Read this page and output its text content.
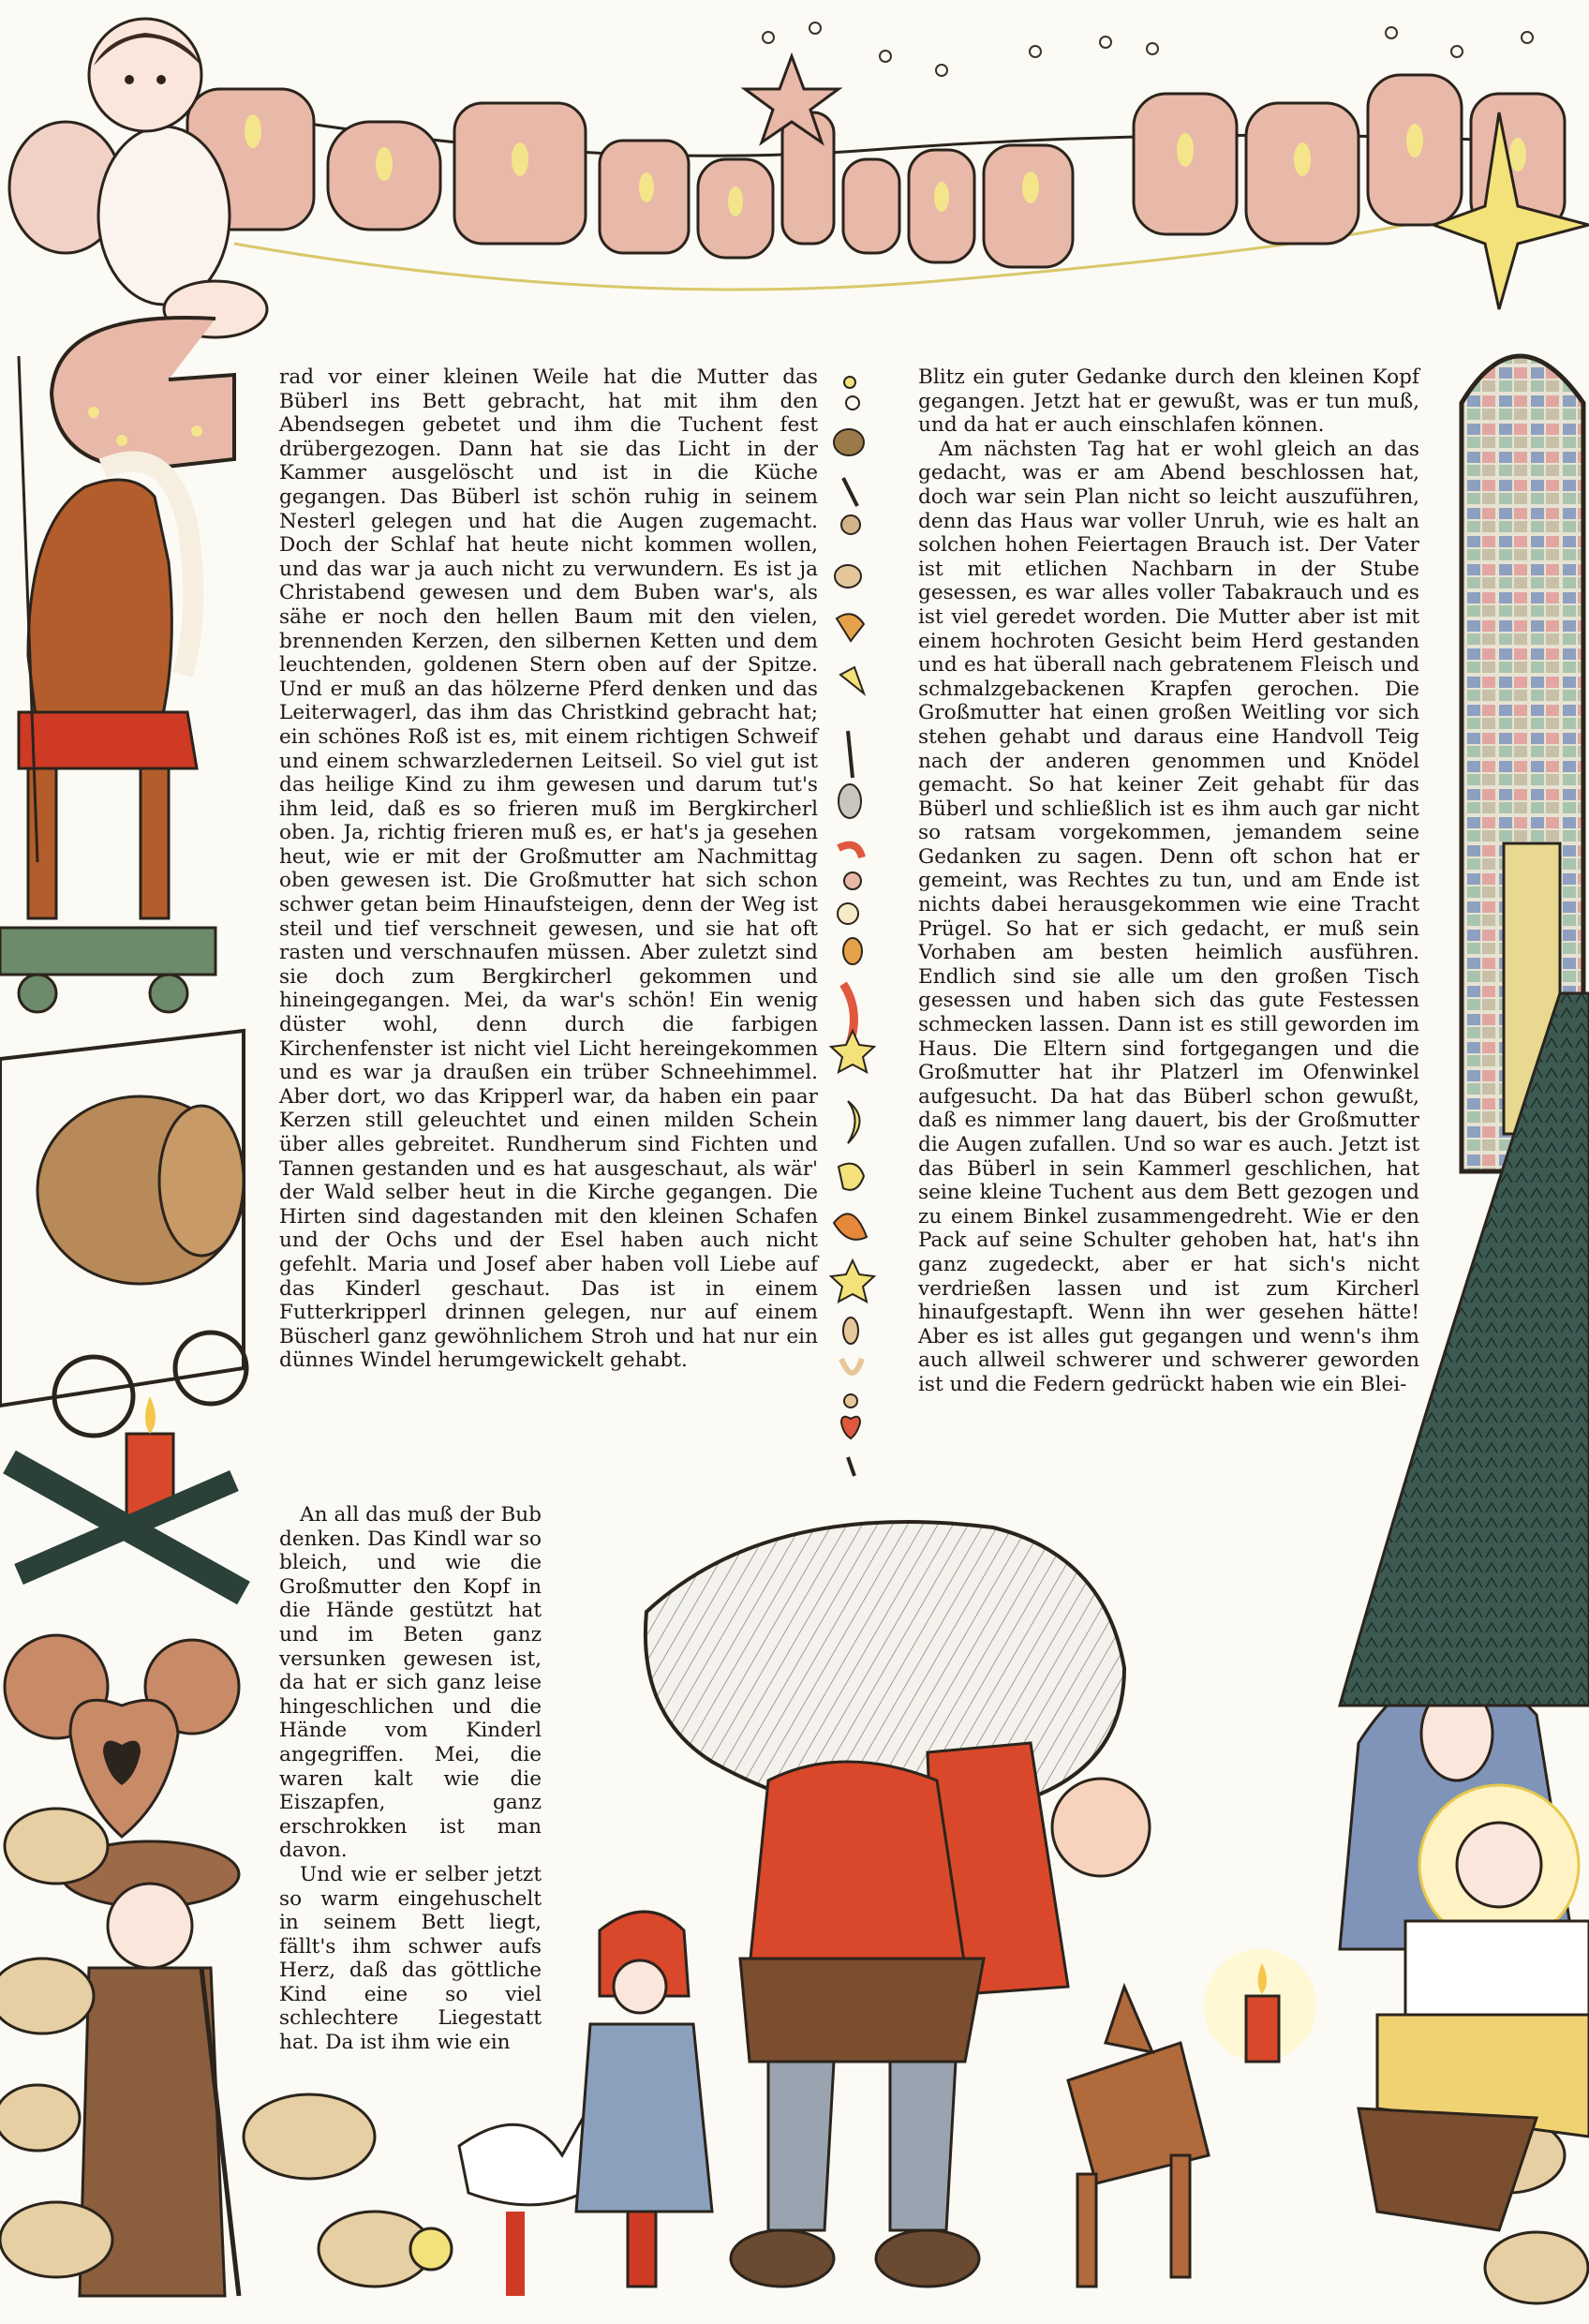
rad vor einer kleinen Weile hat die Mutter das Büberl ins Bett gebracht, hat mit ihm den Abendsegen gebetet und ihm die Tuchent fest drübergezogen. Dann hat sie das Licht in der Kammer ausgelöscht und ist in die Küche gegangen. Das Büberl ist schön ruhig in seinem Nesterl gelegen und hat die Augen zugemacht. Doch der Schlaf hat heute nicht kommen wollen, und das war ja auch nicht zu verwundern. Es ist ja Christabend gewesen und dem Buben war's, als sähe er noch den hellen Baum mit den vielen, brennenden Kerzen, den silbernen Ketten und dem leuchtenden, goldenen Stern oben auf der Spitze. Und er muß an das hölzerne Pferd denken und das Leiterwagerl, das ihm das Christkind gebracht hat; ein schönes Roß ist es, mit einem richtigen Schweif und einem schwarzledernen Leitseil. So viel gut ist das heilige Kind zu ihm gewesen und darum tut's ihm leid, daß es so frieren muß im Bergkircherl oben. Ja, richtig frieren muß es, er hat's ja gesehen heut, wie er mit der Großmutter am Nachmittag oben gewesen ist. Die Großmutter hat sich schon schwer getan beim Hinaufsteigen, denn der Weg ist steil und tief verschneit gewesen, und sie hat oft rasten und verschnaufen müssen. Aber zuletzt sind sie doch zum Bergkircherl gekommen und hineingegangen. Mei, da war's schön! Ein wenig düster wohl, denn durch die farbigen Kirchenfenster ist nicht viel Licht hereingekommen und es war ja draußen ein trüber Schneehimmel. Aber dort, wo das Kripperl war, da haben ein paar Kerzen still geleuchtet und einen milden Schein über alles gebreitet. Rundherum sind Fichten und Tannen gestanden und es hat ausgeschaut, als wär' der Wald selber heut in die Kirche gegangen. Die Hirten sind dagestanden mit den kleinen Schafen und der Ochs und der Esel haben auch nicht gefehlt. Maria und Josef aber haben voll Liebe auf das Kinderl geschaut. Das ist in einem Futterkripperl drinnen gelegen, nur auf einem Büscherl ganz gewöhnlichem Stroh und hat nur ein dünnes Windel herumgewickelt gehabt.

An all das muß der Bub denken. Das Kindl war so bleich, und wie die Großmutter den Kopf in die Hände gestützt hat und im Beten ganz versunken gewesen ist, da hat er sich ganz leise hingeschlichen und die Hände vom Kinderl angegriffen. Mei, die waren kalt wie die Eiszapfen, ganz erschrokken ist man davon.

Und wie er selber jetzt so warm eingehuschelt in seinem Bett liegt, fällt's ihm schwer aufs Herz, daß das göttliche Kind eine so viel schlechtere Liegestatt hat. Da ist ihm wie ein

Blitz ein guter Gedanke durch den kleinen Kopf gegangen. Jetzt hat er gewußt, was er tun muß, und da hat er auch einschlafen können.

Am nächsten Tag hat er wohl gleich an das gedacht, was er am Abend beschlossen hat, doch war sein Plan nicht so leicht auszuführen, denn das Haus war voller Unruh, wie es halt an solchen hohen Feiertagen Brauch ist. Der Vater ist mit etlichen Nachbarn in der Stube gesessen, es war alles voller Tabakrauch und es ist viel geredet worden. Die Mutter aber ist mit einem hochroten Gesicht beim Herd gestanden und es hat überall nach gebratenem Fleisch und schmalzgebackenen Krapfen gerochen. Die Großmutter hat einen großen Weitling vor sich stehen gehabt und daraus eine Handvoll Teig nach der anderen genommen und Knödel gemacht. So hat keiner Zeit gehabt für das Büberl und schließlich ist es ihm auch gar nicht so ratsam vorgekommen, jemandem seine Gedanken zu sagen. Denn oft schon hat er gemeint, was Rechtes zu tun, und am Ende ist nichts dabei herausgekommen wie eine Tracht Prügel. So hat er sich gedacht, er muß sein Vorhaben am besten heimlich ausführen. Endlich sind sie alle um den großen Tisch gesessen und haben sich das gute Festessen schmecken lassen. Dann ist es still geworden im Haus. Die Eltern sind fortgegangen und die Großmutter hat ihr Platzerl im Ofenwinkel aufgesucht. Da hat das Büberl schon gewußt, daß es nimmer lang dauert, bis der Großmutter die Augen zufallen. Und so war es auch. Jetzt ist das Büberl in sein Kammerl geschlichen, hat seine kleine Tuchent aus dem Bett gezogen und zu einem Binkel zusammengedreht. Wie er den Pack auf seine Schulter gehoben hat, hat's ihn ganz zugedeckt, aber er hat sich's nicht verdrießen lassen und ist zum Kircherl hinaufgestapft. Wenn ihn wer gesehen hätte! Aber es ist alles gut gegangen und wenn's ihm auch allweil schwerer und schwerer geworden ist und die Federn gedrückt haben wie ein Blei-
